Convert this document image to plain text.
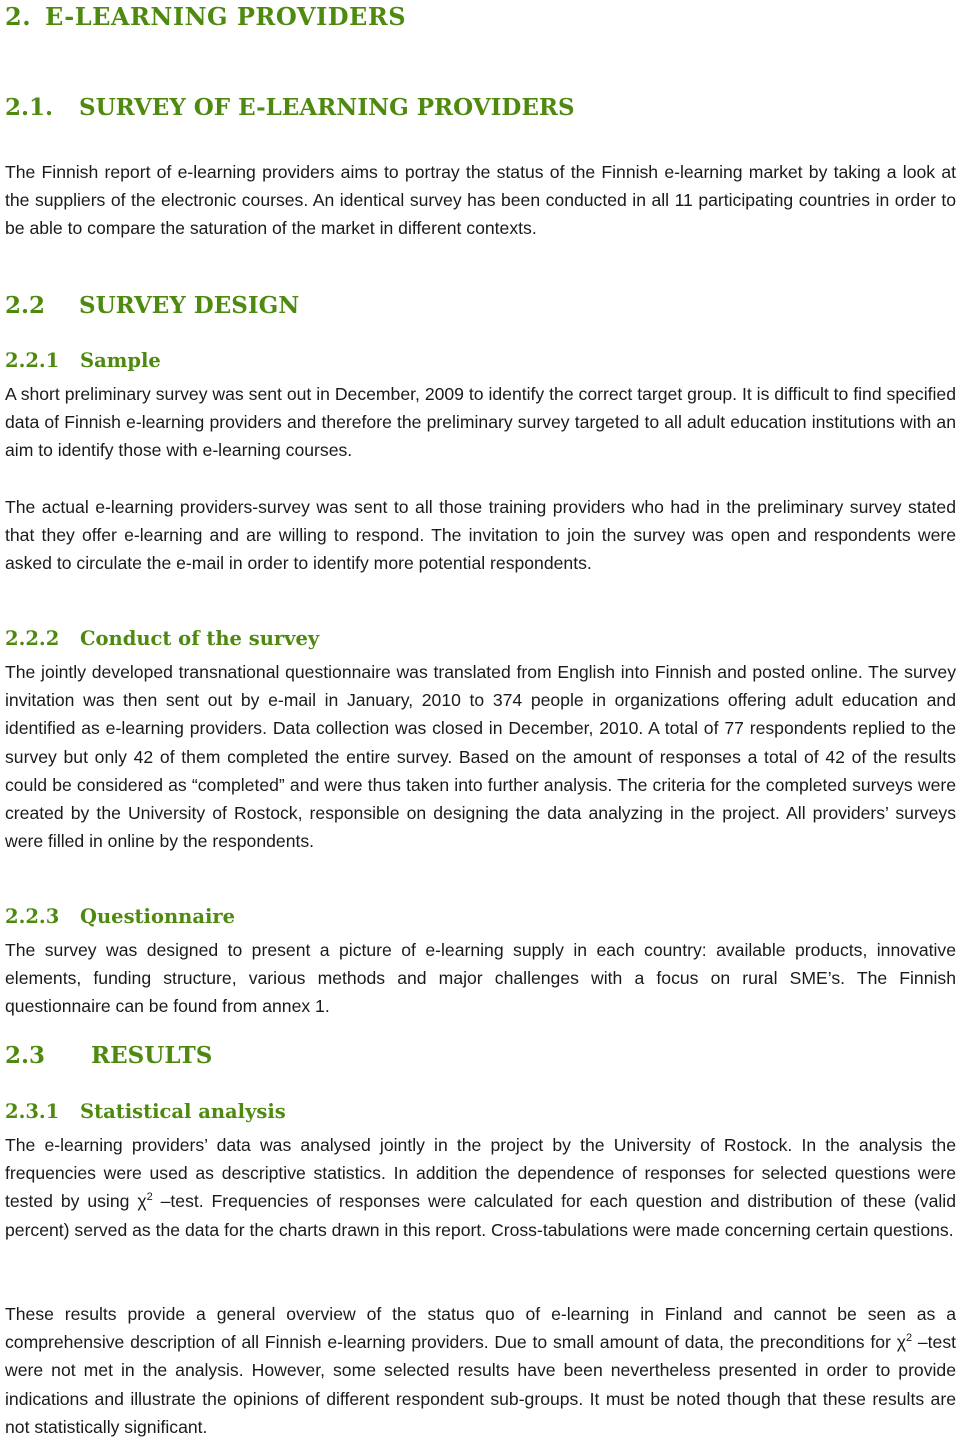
2. E-LEARNING PROVIDERS
2.1. SURVEY OF E-LEARNING PROVIDERS

The Finnish report of e-learning providers aims to portray the status of the Finnish e-learning market by taking a look at the suppliers of the electronic courses. An identical survey has been conducted in all 11 participating countries in order to be able to compare the saturation of the market in different contexts.

2.2 SURVEY DESIGN
2.2.1 Sample

A short preliminary survey was sent out in December, 2009 to identify the correct target group. It is difficult to find specified data of Finnish e-learning providers and therefore the preliminary survey targeted to all adult education institutions with an aim to identify those with e-learning courses.

The actual e-learning providers-survey was sent to all those training providers who had in the preliminary survey stated that they offer e-learning and are willing to respond. The invitation to join the survey was open and respondents were asked to circulate the e-mail in order to identify more potential respondents.

2.2.2 Conduct of the survey

The jointly developed transnational questionnaire was translated from English into Finnish and posted online. The survey invitation was then sent out by e-mail in January, 2010 to 374 people in organizations offering adult education and identified as e-learning providers. Data collection was closed in December, 2010. A total of 77 respondents replied to the survey but only 42 of them completed the entire survey. Based on the amount of responses a total of 42 of the results could be considered as “completed” and were thus taken into further analysis. The criteria for the completed surveys were created by the University of Rostock, responsible on designing the data analyzing in the project. All providers’ surveys were filled in online by the respondents.

2.2.3 Questionnaire

The survey was designed to present a picture of e-learning supply in each country: available products, innovative elements, funding structure, various methods and major challenges with a focus on rural SME’s. The Finnish questionnaire can be found from annex 1.

2.3 RESULTS
2.3.1 Statistical analysis

The e-learning providers’ data was analysed jointly in the project by the University of Rostock. In the analysis the frequencies were used as descriptive statistics. In addition the dependence of responses for selected questions were tested by using $\chi^2$ –test. Frequencies of responses were calculated for each question and distribution of these (valid percent) served as the data for the charts drawn in this report. Cross-tabulations were made concerning certain questions.

These results provide a general overview of the status quo of e-learning in Finland and cannot be seen as a comprehensive description of all Finnish e-learning providers. Due to small amount of data, the preconditions for $\chi^2$ –test were not met in the analysis. However, some selected results have been nevertheless presented in order to provide indications and illustrate the opinions of different respondent sub-groups. It must be noted though that these results are not statistically significant.
